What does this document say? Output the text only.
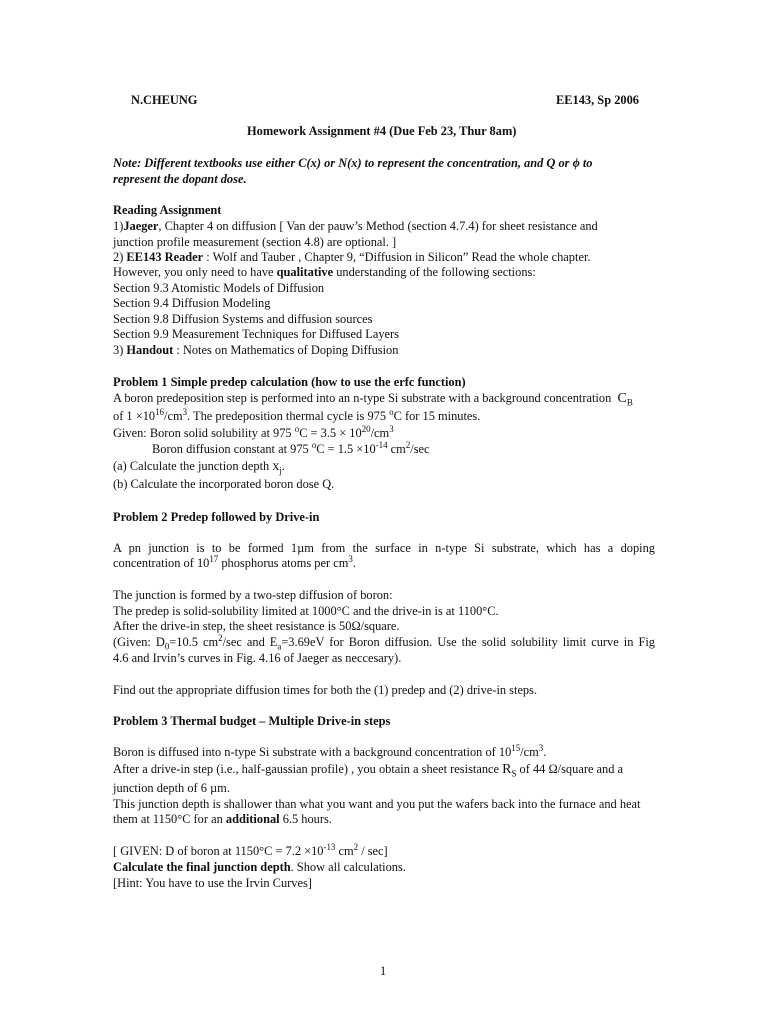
N.CHEUNG	EE143, Sp 2006
Homework Assignment #4 (Due Feb 23, Thur 8am)
Note: Different textbooks use either C(x) or N(x) to represent the concentration, and Q or ϕ to
represent the dopant dose.
Reading Assignment
1)Jaeger, Chapter 4 on diffusion [ Van der pauw’s Method (section 4.7.4) for sheet resistance and
junction profile measurement (section 4.8) are optional. ]
2) EE143 Reader : Wolf and Tauber , Chapter 9, “Diffusion in Silicon” Read the whole chapter.
However, you only need to have qualitative understanding of the following sections:
Section 9.3 Atomistic Models of Diffusion
Section 9.4 Diffusion Modeling
Section 9.8 Diffusion Systems and diffusion sources
Section 9.9 Measurement Techniques for Diffused Layers
3) Handout : Notes on Mathematics of Doping Diffusion
Problem 1 Simple predep calculation (how to use the erfc function)
A boron predeposition step is performed into an n-type Si substrate with a background concentration $C_B$
of $1 \times 10^{16}/cm^3$. The predeposition thermal cycle is 975 $^o$C for 15 minutes.
Given: Boron solid solubility at 975 $^oC = 3.5 \times 10^{20}/cm^3$
Boron diffusion constant at 975 $^oC = 1.5 \times 10^{-14}$ $cm^2/\sec$
(a) Calculate the junction depth $x_j$.
(b) Calculate the incorporated boron dose Q.
Problem 2 Predep followed by Drive-in
A pn junction is to be formed 1µm from the surface in n-type Si substrate, which has a doping
concentration of $10^{17}$ phosphorus atoms per $cm^3$.
The junction is formed by a two-step diffusion of boron:
The predep is solid-solubility limited at 1000°C and the drive-in is at 1100°C.
After the drive-in step, the sheet resistance is 50Ω/square.
(Given: $D_0=10.5$ $cm^2/\sec$ and $E_a=3.69eV$ for Boron diffusion. Use the solid solubility limit curve in Fig
4.6 and Irvin’s curves in Fig. 4.16 of Jaeger as neccesary).
Find out the appropriate diffusion times for both the (1) predep and (2) drive-in steps.
Problem 3 Thermal budget – Multiple Drive-in steps
Boron is diffused into n-type Si substrate with a background concentration of $10^{15}/cm^3$.
After a drive-in step (i.e., half-gaussian profile) , you obtain a sheet resistance $R_S$ of 44 Ω/square and a
junction depth of 6 µm.
This junction depth is shallower than what you want and you put the wafers back into the furnace and heat
them at 1150°C for an additional 6.5 hours.
[ GIVEN: D of boron at $1150^\circ C = 7.2 \times 10^{-13}$ $cm^2 / \sec$]
Calculate the final junction depth. Show all calculations.
[Hint: You have to use the Irvin Curves]
1
